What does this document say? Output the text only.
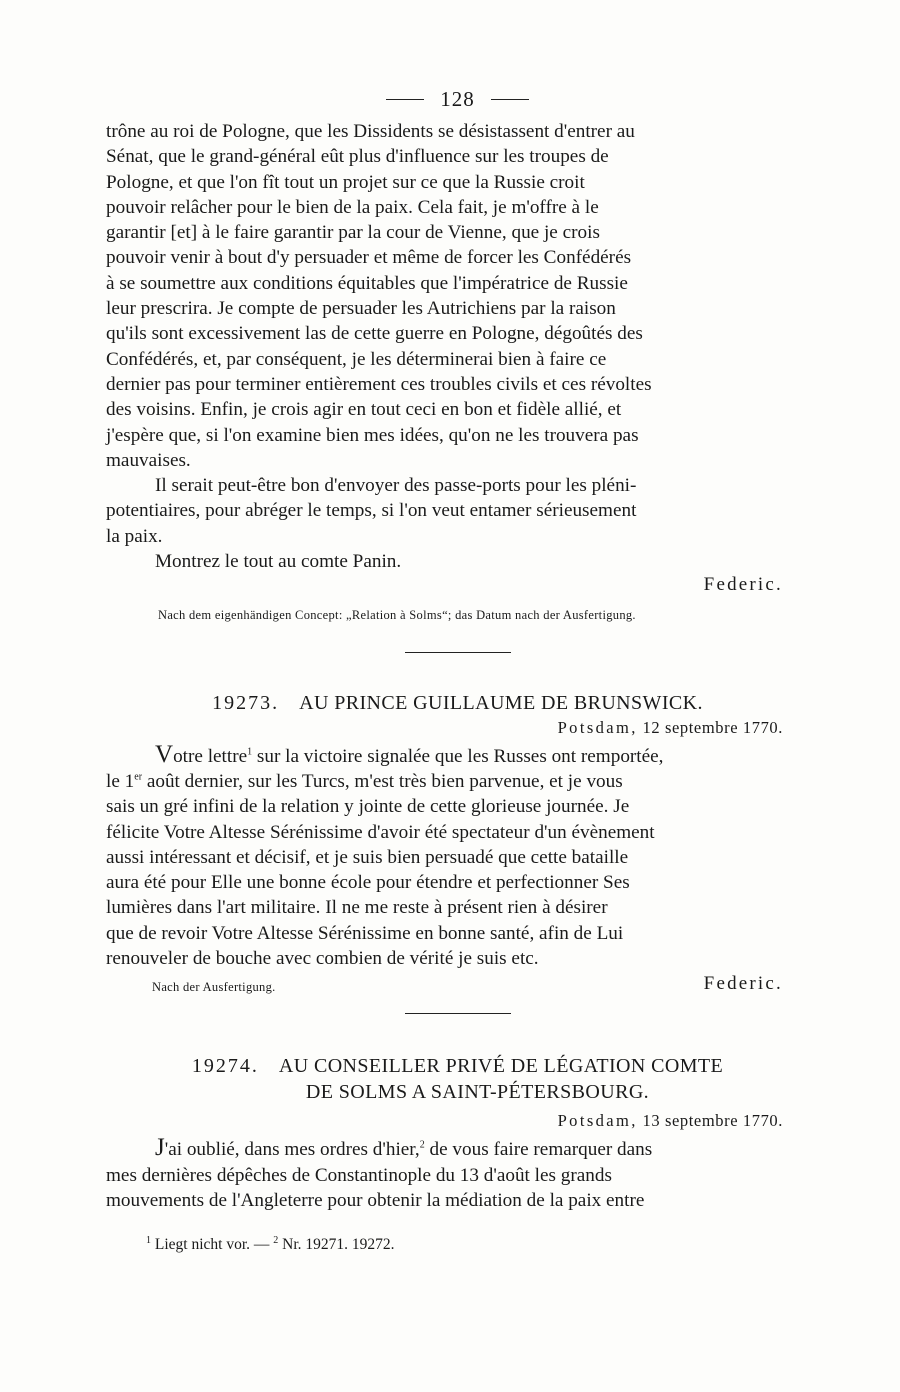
128

trône au roi de Pologne, que les Dissidents se désistassent d'entrer au

Sénat, que le grand-général eût plus d'influence sur les troupes de

Pologne, et que l'on fît tout un projet sur ce que la Russie croit

pouvoir relâcher pour le bien de la paix. Cela fait, je m'offre à le

garantir [et] à le faire garantir par la cour de Vienne, que je crois

pouvoir venir à bout d'y persuader et même de forcer les Confédérés

à se soumettre aux conditions équitables que l'impératrice de Russie

leur prescrira. Je compte de persuader les Autrichiens par la raison

qu'ils sont excessivement las de cette guerre en Pologne, dégoûtés des

Confédérés, et, par conséquent, je les déterminerai bien à faire ce

dernier pas pour terminer entièrement ces troubles civils et ces révoltes

des voisins. Enfin, je crois agir en tout ceci en bon et fidèle allié, et

j'espère que, si l'on examine bien mes idées, qu'on ne les trouvera pas

mauvaises.

Il serait peut-être bon d'envoyer des passe-ports pour les pléni-

potentiaires, pour abréger le temps, si l'on veut entamer sérieusement

la paix.

Montrez le tout au comte Panin.

Federic.
Nach dem eigenhändigen Concept: „Relation à Solms“; das Datum nach der Ausfertigung.
19273. AU PRINCE GUILLAUME DE BRUNSWICK.
Potsdam, 12 septembre 1770.

Votre lettre$^1$ sur la victoire signalée que les Russes ont remportée,

le 1er août dernier, sur les Turcs, m'est très bien parvenue, et je vous

sais un gré infini de la relation y jointe de cette glorieuse journée. Je

félicite Votre Altesse Sérénissime d'avoir été spectateur d'un évènement

aussi intéressant et décisif, et je suis bien persuadé que cette bataille

aura été pour Elle une bonne école pour étendre et perfectionner Ses

lumières dans l'art militaire. Il ne me reste à présent rien à désirer

que de revoir Votre Altesse Sérénissime en bonne santé, afin de Lui

renouveler de bouche avec combien de vérité je suis etc.

Nach der Ausfertigung.	Federic.
19274. AU CONSEILLER PRIVÉ DE LÉGATION COMTE
DE SOLMS A SAINT-PÉTERSBOURG.
Potsdam, 13 septembre 1770.

J'ai oublié, dans mes ordres d'hier,$^2$ de vous faire remarquer dans

mes dernières dépêches de Constantinople du 13 d'août les grands

mouvements de l'Angleterre pour obtenir la médiation de la paix entre

$^1$ Liegt nicht vor. — $^2$ Nr. 19271. 19272.
